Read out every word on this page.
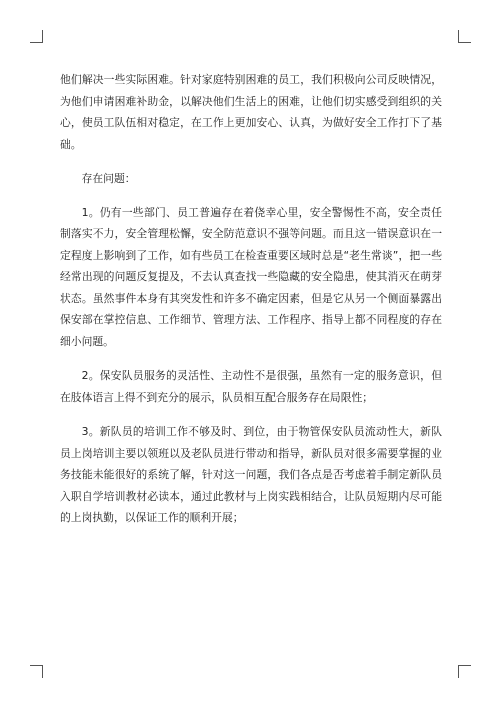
他们解决一些实际困难。针对家庭特别困难的员工，我们积极向公司反映情况，为他们申请困难补助金，以解决他们生活上的困难，让他们切实感受到组织的关心，使员工队伍相对稳定，在工作上更加安心、认真，为做好安全工作打下了基础。

存在问题：

1。仍有一些部门、员工普遍存在着侥幸心里，安全警惕性不高，安全责任制落实不力，安全管理松懈，安全防范意识不强等问题。而且这一错误意识在一定程度上影响到了工作，如有些员工在检查重要区域时总是“老生常谈”，把一些经常出现的问题反复提及，不去认真查找一些隐藏的安全隐患，使其消灭在萌芽状态。虽然事件本身有其突发性和许多不确定因素，但是它从另一个侧面暴露出保安部在掌控信息、工作细节、管理方法、工作程序、指导上都不同程度的存在细小问题。

2。保安队员服务的灵活性、主动性不是很强，虽然有一定的服务意识，但在肢体语言上得不到充分的展示，队员相互配合服务存在局限性；

3。新队员的培训工作不够及时、到位，由于物管保安队员流动性大，新队员上岗培训主要以领班以及老队员进行带动和指导，新队员对很多需要掌握的业务技能未能很好的系统了解，针对这一问题，我们各点是否考虑着手制定新队员入职自学培训教材必读本，通过此教材与上岗实践相结合，让队员短期内尽可能的上岗执勤，以保证工作的顺利开展；
